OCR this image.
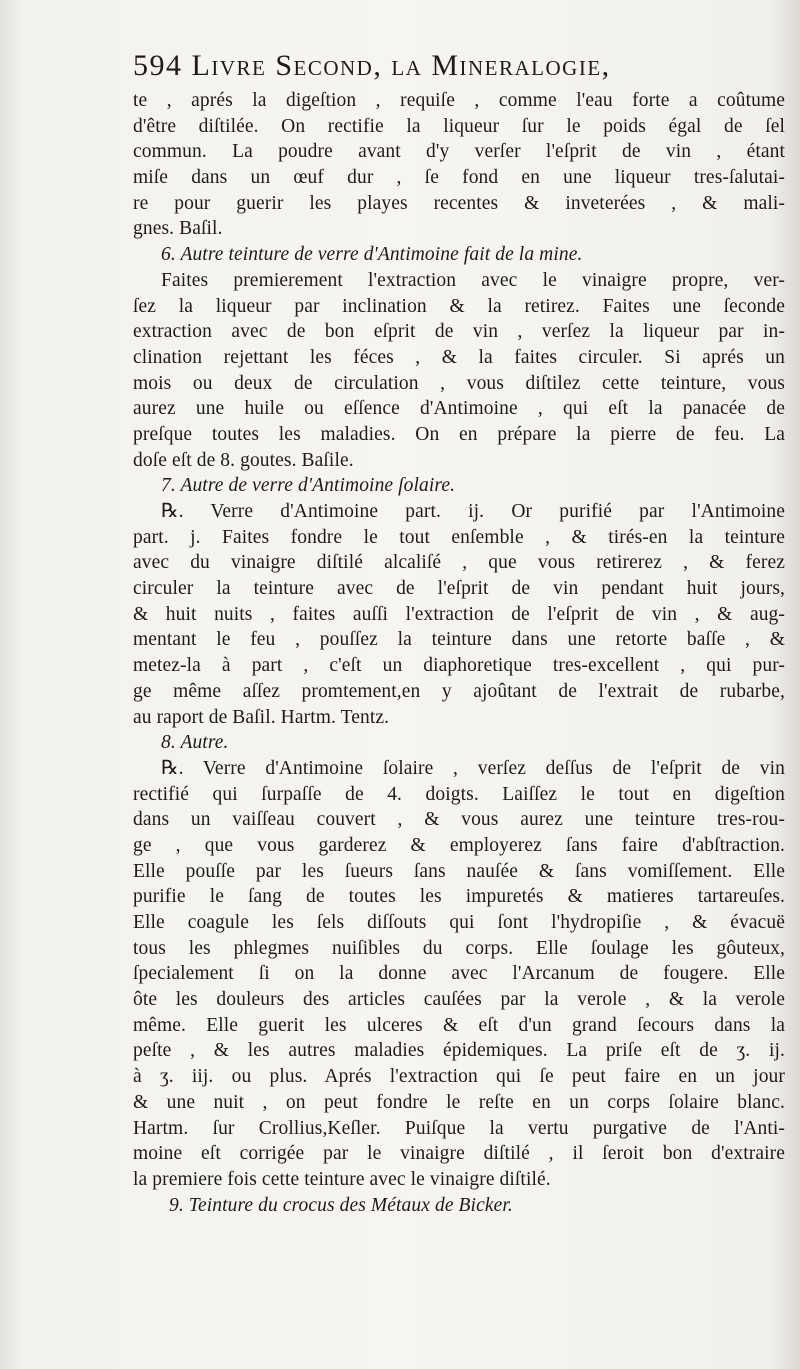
594 Livre Second, la Mineralogie,
te , aprés la digeſtion , requiſe , comme l'eau forte a coûtume
d'être diſtilée. On rectifie la liqueur ſur le poids égal de ſel
commun. La poudre avant d'y verſer l'eſprit de vin , étant
miſe dans un œuf dur , ſe fond en une liqueur tres-ſalutai-
re pour guerir les playes recentes & inveterées , & mali-
gnes. Baſil.
6. Autre teinture de verre d'Antimoine fait de la mine.
Faites premierement l'extraction avec le vinaigre propre, ver-
ſez la liqueur par inclination & la retirez. Faites une ſeconde
extraction avec de bon eſprit de vin , verſez la liqueur par in-
clination rejettant les féces , & la faites circuler. Si aprés un
mois ou deux de circulation , vous diſtilez cette teinture, vous
aurez une huile ou eſſence d'Antimoine , qui eſt la panacée de
preſque toutes les maladies. On en prépare la pierre de feu. La
doſe eſt de 8. goutes. Baſile.
7. Autre de verre d'Antimoine ſolaire.
℞. Verre d'Antimoine part. ij. Or purifié par l'Antimoine
part. j. Faites fondre le tout enſemble , & tirés-en la teinture
avec du vinaigre diſtilé alcaliſé , que vous retirerez , & ferez
circuler la teinture avec de l'eſprit de vin pendant huit jours,
& huit nuits , faites auſſi l'extraction de l'eſprit de vin , & aug-
mentant le feu , pouſſez la teinture dans une retorte baſſe , &
metez-la à part , c'eſt un diaphoretique tres-excellent , qui pur-
ge même aſſez promtement,en y ajoûtant de l'extrait de rubarbe,
au raport de Baſil. Hartm. Tentz.
8. Autre.
℞. Verre d'Antimoine ſolaire , verſez deſſus de l'eſprit de vin
rectifié qui ſurpaſſe de 4. doigts. Laiſſez le tout en digeſtion
dans un vaiſſeau couvert , & vous aurez une teinture tres-rou-
ge , que vous garderez & employerez ſans faire d'abſtraction.
Elle pouſſe par les ſueurs ſans nauſée & ſans vomiſſement. Elle
purifie le ſang de toutes les impuretés & matieres tartareuſes.
Elle coagule les ſels diſſouts qui ſont l'hydropiſie , & évacuë
tous les phlegmes nuiſibles du corps. Elle ſoulage les gôuteux,
ſpecialement ſi on la donne avec l'Arcanum de fougere. Elle
ôte les douleurs des articles cauſées par la verole , & la verole
même. Elle guerit les ulceres & eſt d'un grand ſecours dans la
peſte , & les autres maladies épidemiques. La priſe eſt de ʒ. ij.
à ʒ. iij. ou plus. Aprés l'extraction qui ſe peut faire en un jour
& une nuit , on peut fondre le reſte en un corps ſolaire blanc.
Hartm. ſur Crollius,Keſler. Puiſque la vertu purgative de l'Anti-
moine eſt corrigée par le vinaigre diſtilé , il ſeroit bon d'extraire
la premiere fois cette teinture avec le vinaigre diſtilé.
9. Teinture du crocus des Métaux de Bicker.
